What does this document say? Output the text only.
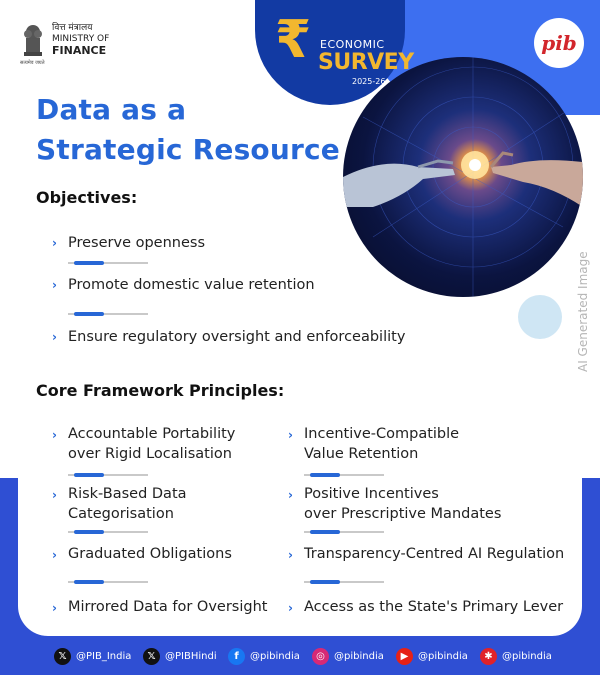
pib
₹ ECONOMIC
SURVEY
2025-26
सत्यमेव जयते
वित्त मंत्रालय
MINISTRY OF
FINANCE
Data as a
Strategic Resource
AI Generated Image
Objectives:
› Preserve openness
› Promote domestic value retention
› Ensure regulatory oversight and enforceability
Core Framework Principles:
› Accountable Portability
over Rigid Localisation
› Risk-Based Data
Categorisation
› Graduated Obligations
› Mirrored Data for Oversight
› Incentive-Compatible
Value Retention
› Positive Incentives
over Prescriptive Mandates
› Transparency-Centred AI Regulation
› Access as the State's Primary Lever
𝕏 @PIB_India	𝕏 @PIBHindi	f	@pibindia	◎ @pibindia	▶ @pibindia	✱ @pibindia
